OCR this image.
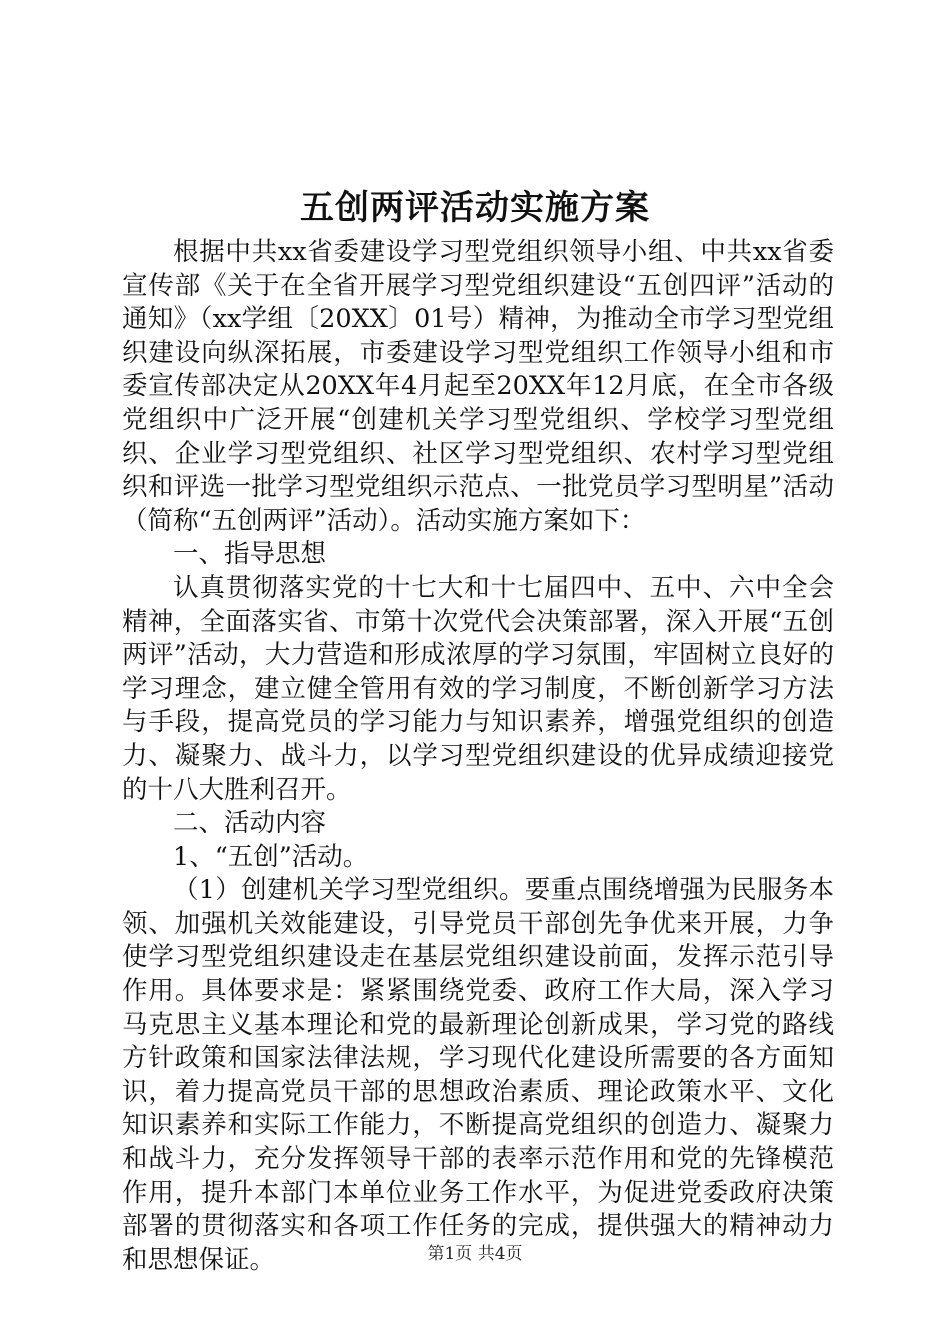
五创两评活动实施方案

根据中共xx省委建设学习型党组织领导小组、中共xx省委宣传部《关于在全省开展学习型党组织建设“五创四评”活动的通知》（xx学组〔20XX〕01号）精神，为推动全市学习型党组织建设向纵深拓展，市委建设学习型党组织工作领导小组和市委宣传部决定从20XX年4月起至20XX年12月底，在全市各级党组织中广泛开展“创建机关学习型党组织、学校学习型党组织、企业学习型党组织、社区学习型党组织、农村学习型党组织和评选一批学习型党组织示范点、一批党员学习型明星”活动（简称“五创两评”活动）。活动实施方案如下：

一、指导思想

认真贯彻落实党的十七大和十七届四中、五中、六中全会精神，全面落实省、市第十次党代会决策部署，深入开展“五创两评”活动，大力营造和形成浓厚的学习氛围，牢固树立良好的学习理念，建立健全管用有效的学习制度，不断创新学习方法与手段，提高党员的学习能力与知识素养，增强党组织的创造力、凝聚力、战斗力，以学习型党组织建设的优异成绩迎接党的十八大胜利召开。

二、活动内容

1、“五创”活动。

（1）创建机关学习型党组织。要重点围绕增强为民服务本领、加强机关效能建设，引导党员干部创先争优来开展，力争使学习型党组织建设走在基层党组织建设前面，发挥示范引导作用。具体要求是：紧紧围绕党委、政府工作大局，深入学习马克思主义基本理论和党的最新理论创新成果，学习党的路线方针政策和国家法律法规，学习现代化建设所需要的各方面知识，着力提高党员干部的思想政治素质、理论政策水平、文化知识素养和实际工作能力，不断提高党组织的创造力、凝聚力和战斗力，充分发挥领导干部的表率示范作用和党的先锋模范作用，提升本部门本单位业务工作水平，为促进党委政府决策部署的贯彻落实和各项工作任务的完成，提供强大的精神动力和思想保证。	第1页 共4页
